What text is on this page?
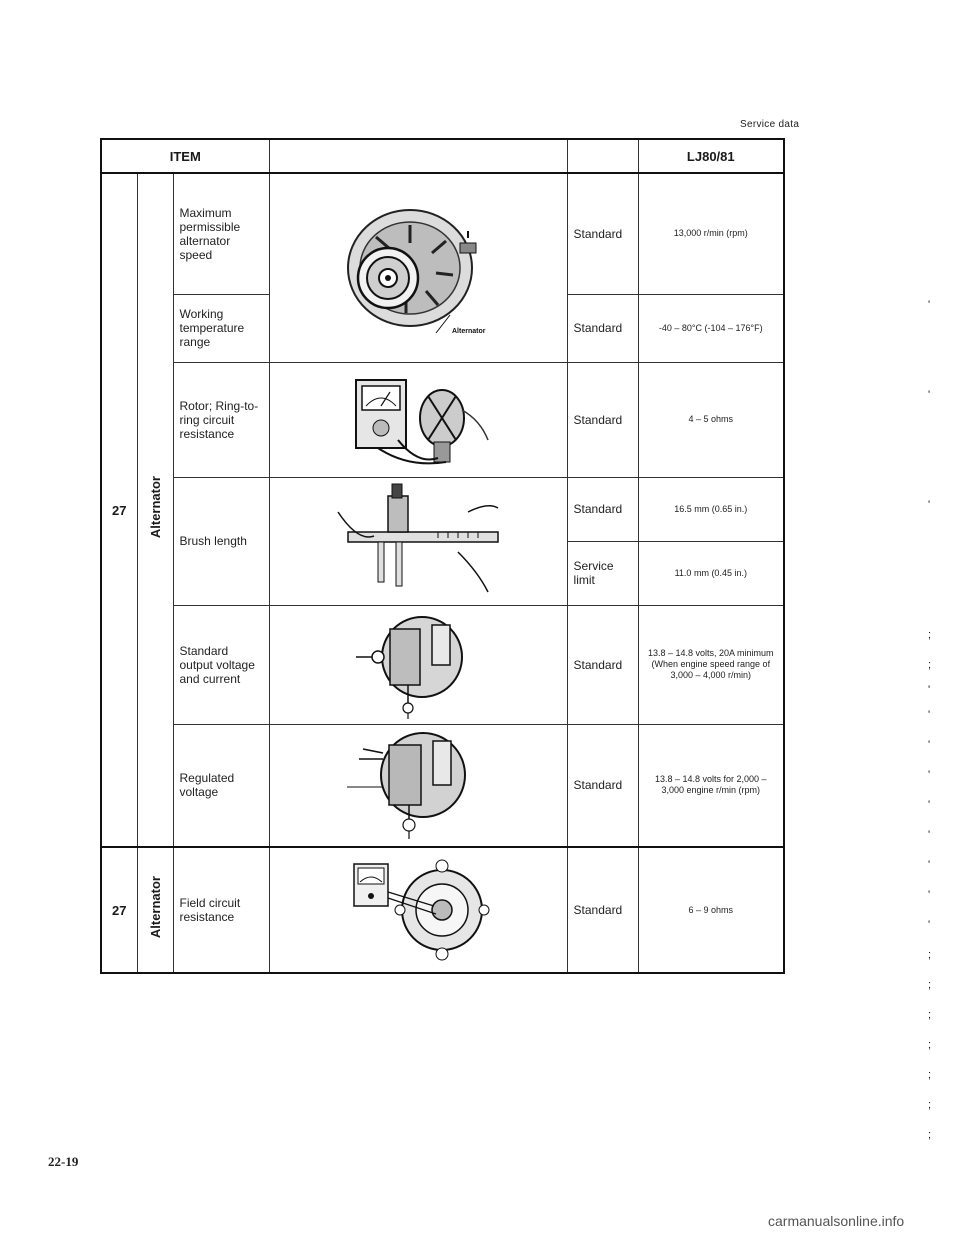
Service data
ITEM					LJ80/81
27	Alternator	Maximum permissible alternator speed	Alternator	Standard	13,000 r/min (rpm)
		Working temperature range		Standard	-40 – 80°C (-104 – 176°F)
		Rotor; Ring-to-ring circuit resistance		Standard	4 – 5 ohms
		Brush length		Standard	16.5 mm (0.65 in.)
				Service limit	11.0 mm (0.45 in.)
		Standard output voltage and current		Standard	13.8 – 14.8 volts, 20A minimum (When engine speed range of 3,000 – 4,000 r/min)
		Regulated voltage		Standard	13.8 – 14.8 volts for 2,000 – 3,000 engine r/min (rpm)
27	Alternator	Field circuit resistance		Standard	6 – 9 ohms
'
'
'
;
;
'
'
'
'
'
'
'
'
'
;
;
;
;
;
;
;
22-19
carmanualsonline.info
